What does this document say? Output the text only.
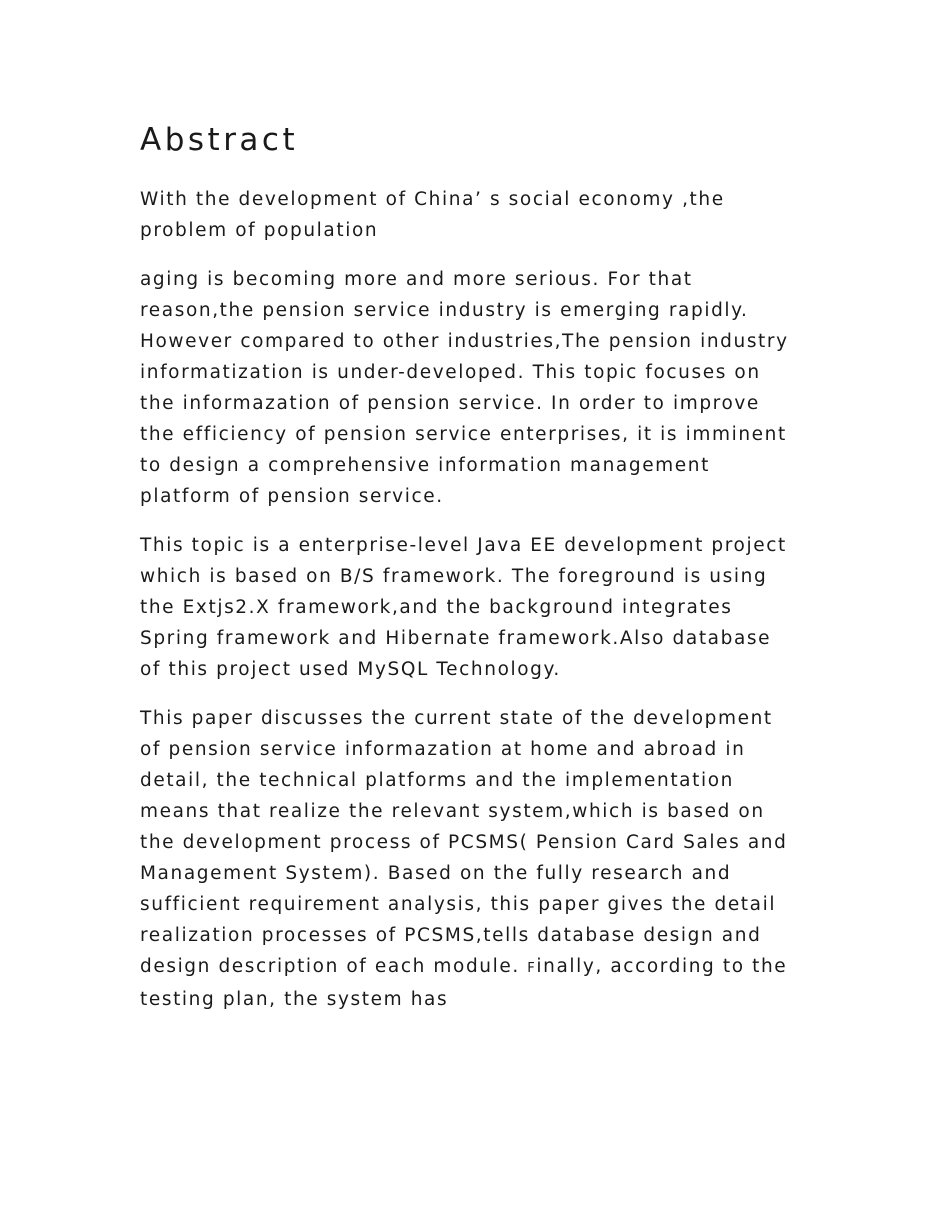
Abstract

With the development of China’ s social economy ,the
problem of population

aging is becoming more and more serious. For that
reason,the pension service industry is emerging rapidly.
However compared to other industries,The pension industry
informatization is under-developed. This topic focuses on
the informazation of pension service. In order to improve
the efficiency of pension service enterprises, it is imminent
to design a comprehensive information management
platform of pension service.

This topic is a enterprise-level Java EE development project
which is based on B/S framework. The foreground is using
the Extjs2.X framework,and the background integrates
Spring framework and Hibernate framework.Also database
of this project used MySQL Technology.

This paper discusses the current state of the development
of pension service informazation at home and abroad in
detail, the technical platforms and the implementation
means that realize the relevant system,which is based on
the development process of PCSMS( Pension Card Sales and
Management System). Based on the fully research and
sufficient requirement analysis, this paper gives the detail
realization processes of PCSMS,tells database design and
design description of each module. Finally, according to the
testing plan, the system has
